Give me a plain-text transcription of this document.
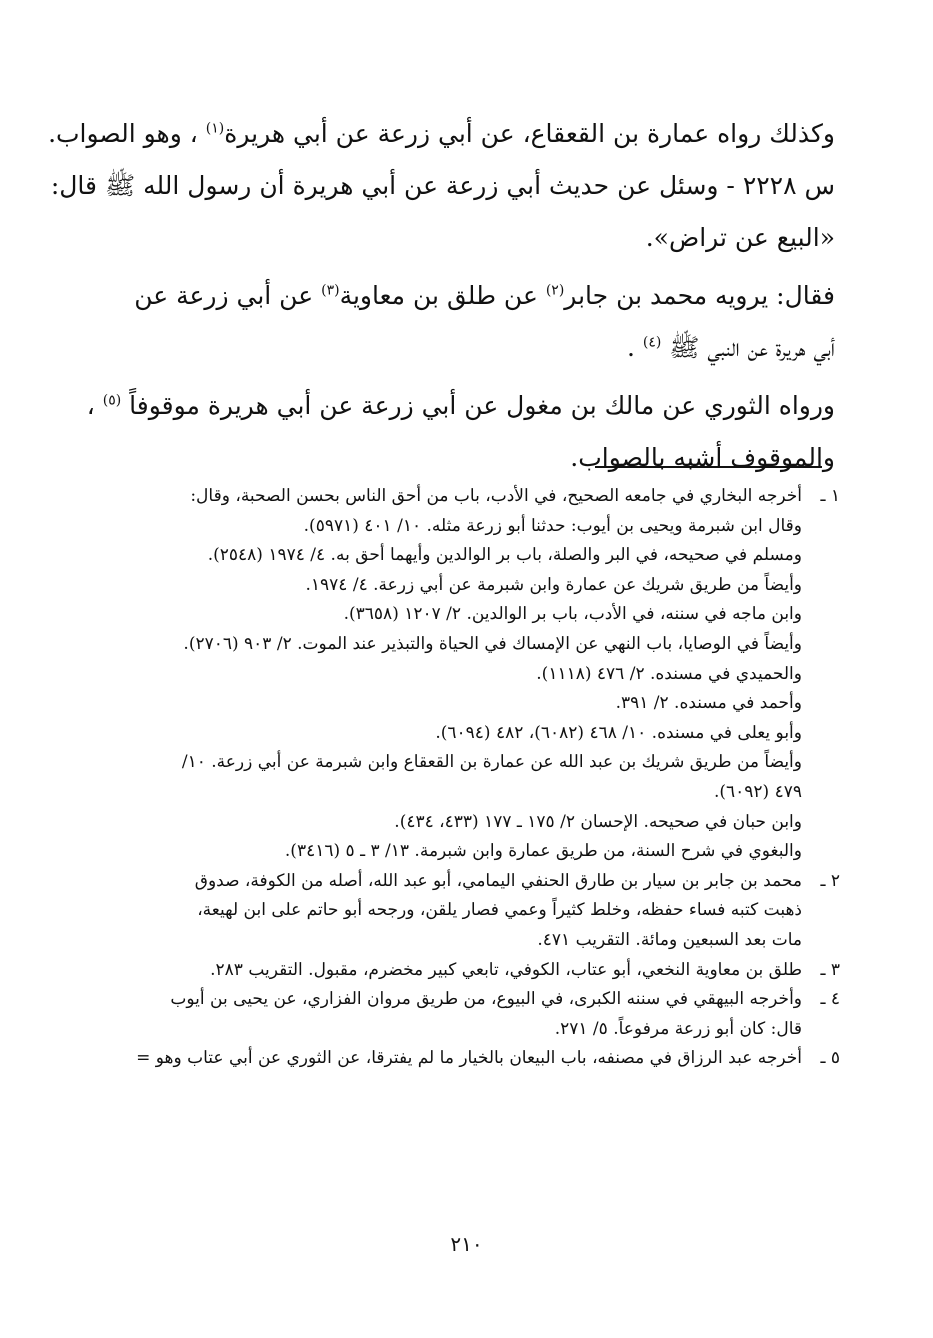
وكذلك رواه عمارة بن القعقاع، عن أبي زرعة عن أبي هريرة$^{(١)}$ ، وهو الصواب.

س ٢٢٢٨ - وسئل عن حديث أبي زرعة عن أبي هريرة أن رسول الله ﷺ قال:

«البيع عن تراض».

فقال: يرويه محمد بن جابر$^{(٢)}$ عن طلق بن معاوية$^{(٣)}$ عن أبي زرعة عن

أبي هريرة عن النبي ﷺ $^{(٤)}$ .

ورواه الثوري عن مالك بن مغول عن أبي زرعة عن أبي هريرة موقوفاً $^{(٥)}$ ،

والموقوف أشبه بالصواب.

١ ـ

أخرجه البخاري في جامعه الصحيح، في الأدب، باب من أحق الناس بحسن الصحبة، وقال:

وقال ابن شبرمة ويحيى بن أيوب: حدثنا أبو زرعة مثله. ١٠/ ٤٠١ (٥٩٧١).

ومسلم في صحيحه، في البر والصلة، باب بر الوالدين وأيهما أحق به. ٤/ ١٩٧٤ (٢٥٤٨).

وأيضاً من طريق شريك عن عمارة وابن شبرمة عن أبي زرعة. ٤/ ١٩٧٤.

وابن ماجه في سننه، في الأدب، باب بر الوالدين. ٢/ ١٢٠٧ (٣٦٥٨).

وأيضاً في الوصايا، باب النهي عن الإمساك في الحياة والتبذير عند الموت. ٢/ ٩٠٣ (٢٧٠٦).

والحميدي في مسنده. ٢/ ٤٧٦ (١١١٨).

وأحمد في مسنده. ٢/ ٣٩١.

وأبو يعلى في مسنده. ١٠/ ٤٦٨ (٦٠٨٢)، ٤٨٢ (٦٠٩٤).

وأيضاً من طريق شريك بن عبد الله عن عمارة بن القعقاع وابن شبرمة عن أبي زرعة. ١٠/

٤٧٩ (٦٠٩٢).

وابن حبان في صحيحه. الإحسان ٢/ ١٧٥ ـ ١٧٧ (٤٣٣، ٤٣٤).

والبغوي في شرح السنة، من طريق عمارة وابن شبرمة. ١٣/ ٣ ـ ٥ (٣٤١٦).

٢ ـ

محمد بن جابر بن سيار بن طارق الحنفي اليمامي، أبو عبد الله، أصله من الكوفة، صدوق

ذهبت كتبه فساء حفظه، وخلط كثيراً وعمي فصار يلقن، ورجحه أبو حاتم على ابن لهيعة،

مات بعد السبعين ومائة. التقريب ٤٧١.

٣ ـ

طلق بن معاوية النخعي، أبو عتاب، الكوفي، تابعي كبير مخضرم، مقبول. التقريب ٢٨٣.

٤ ـ

وأخرجه البيهقي في سننه الكبرى، في البيوع، من طريق مروان الفزاري، عن يحيى بن أيوب

قال: كان أبو زرعة مرفوعاً. ٥/ ٢٧١.

٥ ـ

أخرجه عبد الرزاق في مصنفه، باب البيعان بالخيار ما لم يفترقا، عن الثوري عن أبي عتاب وهو =

٢١٠
